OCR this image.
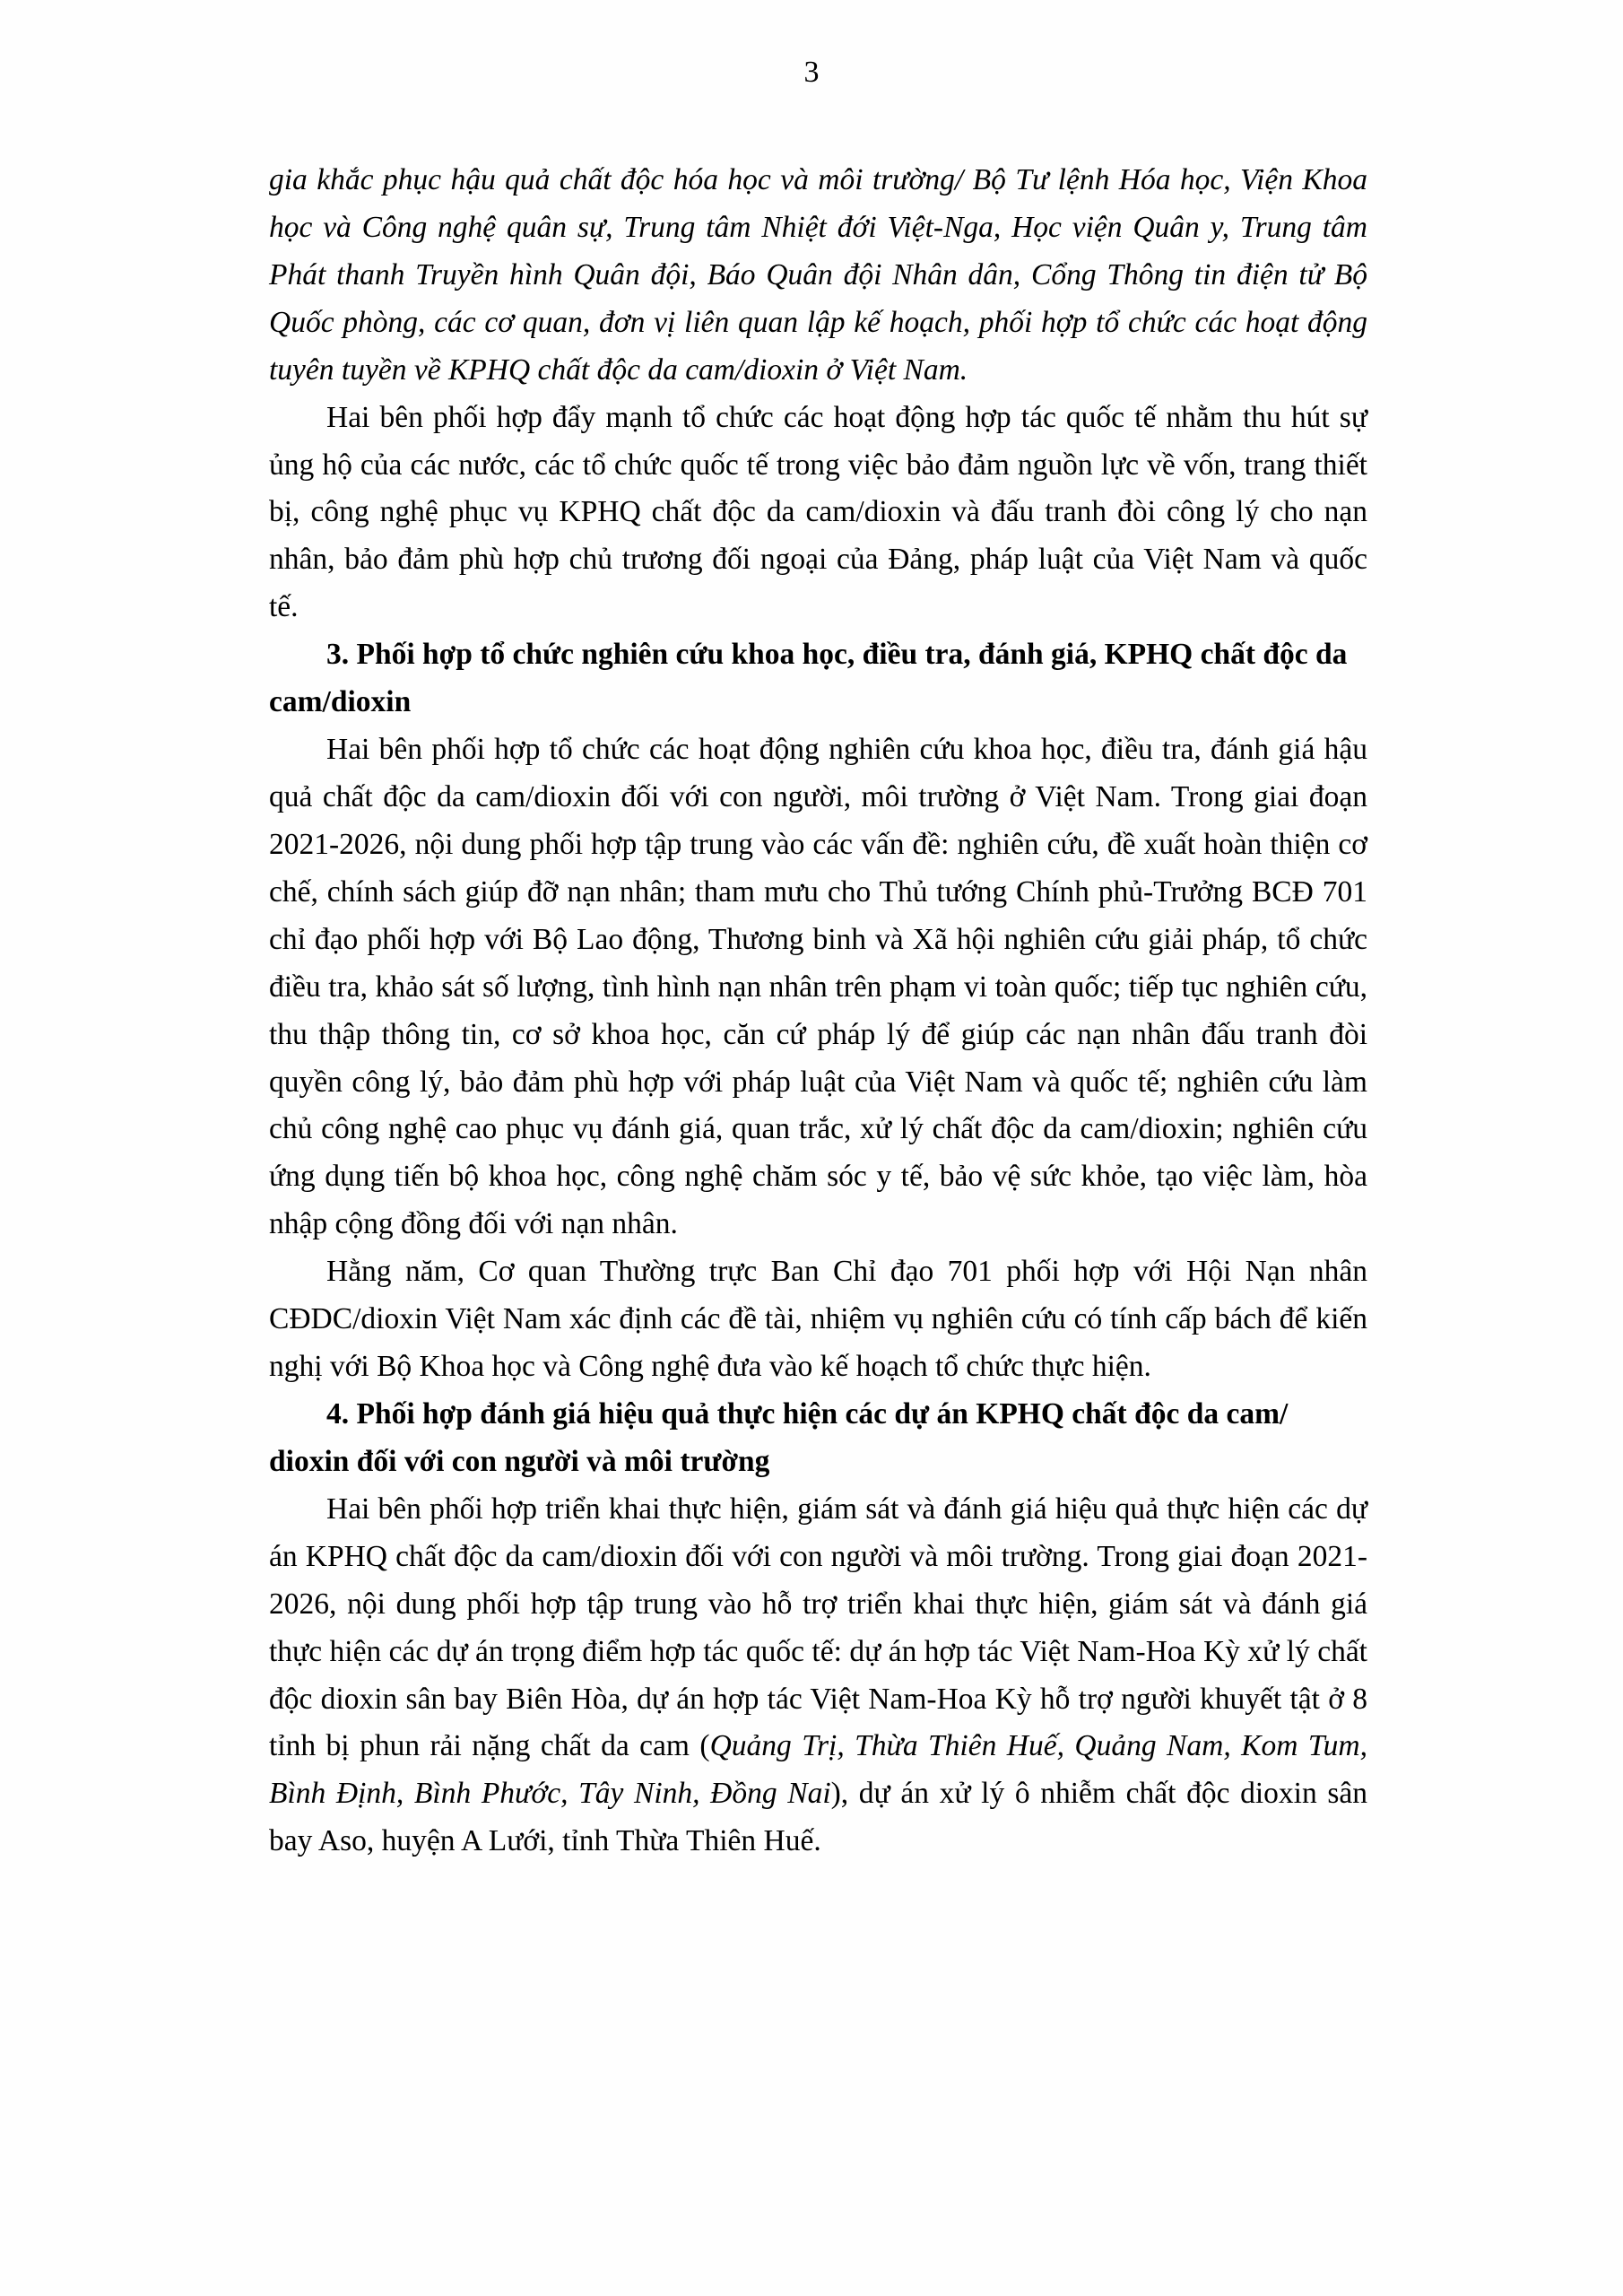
3

gia khắc phục hậu quả chất độc hóa học và môi trường/ Bộ Tư lệnh Hóa học, Viện Khoa học và Công nghệ quân sự, Trung tâm Nhiệt đới Việt-Nga, Học viện Quân y, Trung tâm Phát thanh Truyền hình Quân đội, Báo Quân đội Nhân dân, Cổng Thông tin điện tử Bộ Quốc phòng, các cơ quan, đơn vị liên quan lập kế hoạch, phối hợp tổ chức các hoạt động tuyên tuyền về KPHQ chất độc da cam/dioxin ở Việt Nam.

Hai bên phối hợp đẩy mạnh tổ chức các hoạt động hợp tác quốc tế nhằm thu hút sự ủng hộ của các nước, các tổ chức quốc tế trong việc bảo đảm nguồn lực về vốn, trang thiết bị, công nghệ phục vụ KPHQ chất độc da cam/dioxin và đấu tranh đòi công lý cho nạn nhân, bảo đảm phù hợp chủ trương đối ngoại của Đảng, pháp luật của Việt Nam và quốc tế.

3. Phối hợp tổ chức nghiên cứu khoa học, điều tra, đánh giá, KPHQ chất độc da cam/dioxin

Hai bên phối hợp tổ chức các hoạt động nghiên cứu khoa học, điều tra, đánh giá hậu quả chất độc da cam/dioxin đối với con người, môi trường ở Việt Nam. Trong giai đoạn 2021-2026, nội dung phối hợp tập trung vào các vấn đề: nghiên cứu, đề xuất hoàn thiện cơ chế, chính sách giúp đỡ nạn nhân; tham mưu cho Thủ tướng Chính phủ-Trưởng BCĐ 701 chỉ đạo phối hợp với Bộ Lao động, Thương binh và Xã hội nghiên cứu giải pháp, tổ chức điều tra, khảo sát số lượng, tình hình nạn nhân trên phạm vi toàn quốc; tiếp tục nghiên cứu, thu thập thông tin, cơ sở khoa học, căn cứ pháp lý để giúp các nạn nhân đấu tranh đòi quyền công lý, bảo đảm phù hợp với pháp luật của Việt Nam và quốc tế; nghiên cứu làm chủ công nghệ cao phục vụ đánh giá, quan trắc, xử lý chất độc da cam/dioxin; nghiên cứu ứng dụng tiến bộ khoa học, công nghệ chăm sóc y tế, bảo vệ sức khỏe, tạo việc làm, hòa nhập cộng đồng đối với nạn nhân.

Hằng năm, Cơ quan Thường trực Ban Chỉ đạo 701 phối hợp với Hội Nạn nhân CĐDC/dioxin Việt Nam xác định các đề tài, nhiệm vụ nghiên cứu có tính cấp bách để kiến nghị với Bộ Khoa học và Công nghệ đưa vào kế hoạch tổ chức thực hiện.

4. Phối hợp đánh giá hiệu quả thực hiện các dự án KPHQ chất độc da cam/ dioxin đối với con người và môi trường

Hai bên phối hợp triển khai thực hiện, giám sát và đánh giá hiệu quả thực hiện các dự án KPHQ chất độc da cam/dioxin đối với con người và môi trường. Trong giai đoạn 2021-2026, nội dung phối hợp tập trung vào hỗ trợ triển khai thực hiện, giám sát và đánh giá thực hiện các dự án trọng điểm hợp tác quốc tế: dự án hợp tác Việt Nam-Hoa Kỳ xử lý chất độc dioxin sân bay Biên Hòa, dự án hợp tác Việt Nam-Hoa Kỳ hỗ trợ người khuyết tật ở 8 tỉnh bị phun rải nặng chất da cam (Quảng Trị, Thừa Thiên Huế, Quảng Nam, Kom Tum, Bình Định, Bình Phước, Tây Ninh, Đồng Nai), dự án xử lý ô nhiễm chất độc dioxin sân bay Aso, huyện A Lưới, tỉnh Thừa Thiên Huế.
